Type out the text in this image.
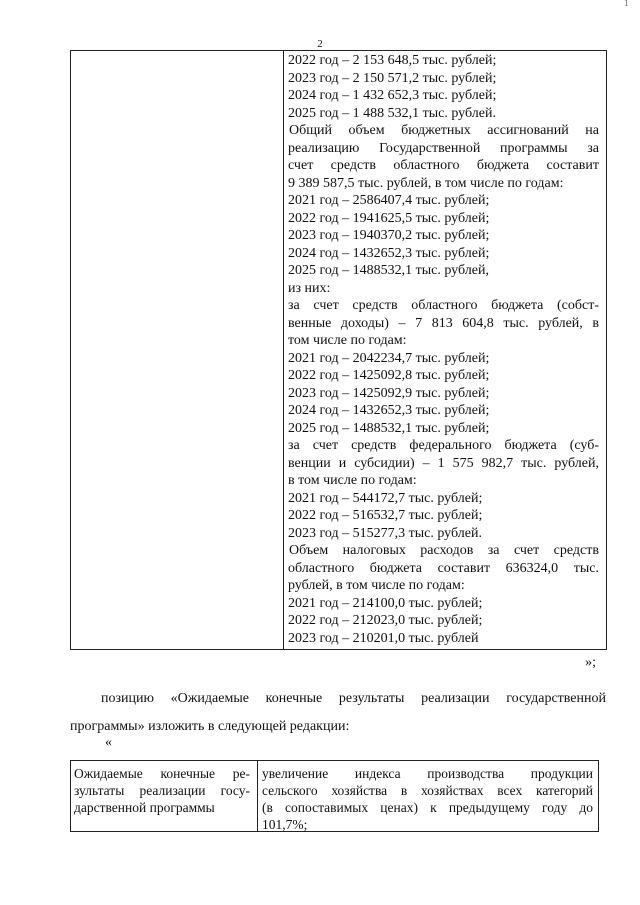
1
2
2022 год – 2 153 648,5 тыс. рублей;
2023 год – 2 150 571,2 тыс. рублей;
2024 год – 1 432 652,3 тыс. рублей;
2025 год – 1 488 532,1 тыс. рублей.
Общий объем бюджетных ассигнований на
реализацию Государственной программы за
счет средств областного бюджета составит
9 389 587,5 тыс. рублей, в том числе по годам:
2021 год – 2586407,4 тыс. рублей;
2022 год – 1941625,5 тыс. рублей;
2023 год – 1940370,2 тыс. рублей;
2024 год – 1432652,3 тыс. рублей;
2025 год – 1488532,1 тыс. рублей,
из них:
за счет средств областного бюджета (собст-
венные доходы) – 7 813 604,8 тыс. рублей, в
том числе по годам:
2021 год – 2042234,7 тыс. рублей;
2022 год – 1425092,8 тыс. рублей;
2023 год – 1425092,9 тыс. рублей;
2024 год – 1432652,3 тыс. рублей;
2025 год – 1488532,1 тыс. рублей;
за счет средств федерального бюджета (суб-
венции и субсидии) – 1 575 982,7 тыс. рублей,
в том числе по годам:
2021 год – 544172,7 тыс. рублей;
2022 год – 516532,7 тыс. рублей;
2023 год – 515277,3 тыс. рублей.
Объем налоговых расходов за счет средств
областного бюджета составит 636324,0 тыс.
рублей, в том числе по годам:
2021 год – 214100,0 тыс. рублей;
2022 год – 212023,0 тыс. рублей;
2023 год – 210201,0 тыс. рублей
»;
позицию «Ожидаемые конечные результаты реализации государственной
программы» изложить в следующей редакции:
«
Ожидаемые конечные ре-
зультаты реализации госу-
дарственной программы
увеличение индекса производства продукции
сельского хозяйства в хозяйствах всех категорий
(в сопоставимых ценах) к предыдущему году до
101,7%;
